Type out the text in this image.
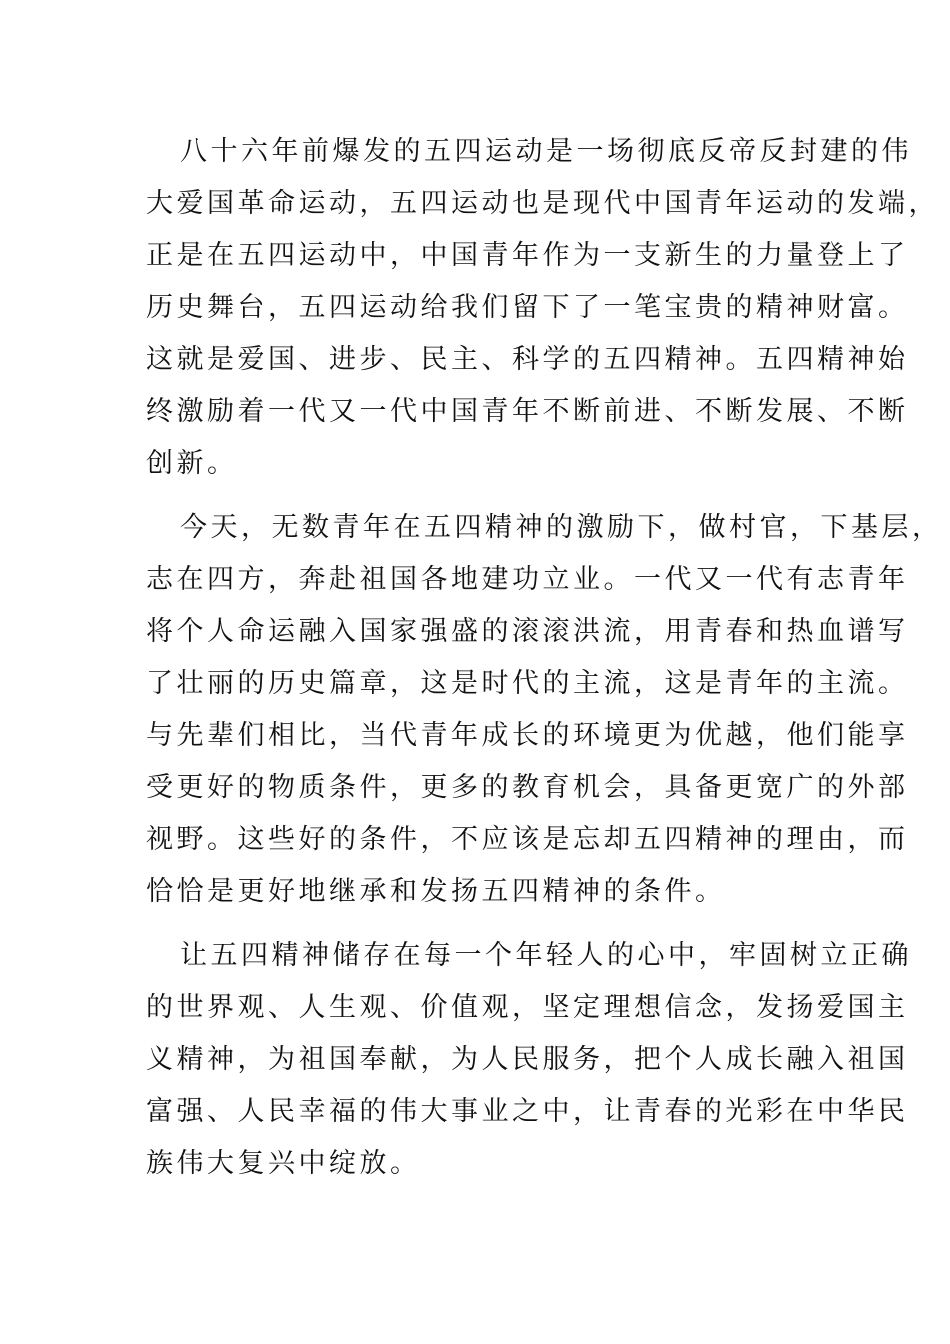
八十六年前爆发的五四运动是一场彻底反帝反封建的伟
大爱国革命运动，五四运动也是现代中国青年运动的发端，
正是在五四运动中，中国青年作为一支新生的力量登上了
历史舞台，五四运动给我们留下了一笔宝贵的精神财富。
这就是爱国、进步、民主、科学的五四精神。五四精神始
终激励着一代又一代中国青年不断前进、不断发展、不断
创新。
今天，无数青年在五四精神的激励下，做村官，下基层，
志在四方，奔赴祖国各地建功立业。一代又一代有志青年
将个人命运融入国家强盛的滚滚洪流，用青春和热血谱写
了壮丽的历史篇章，这是时代的主流，这是青年的主流。
与先辈们相比，当代青年成长的环境更为优越，他们能享
受更好的物质条件，更多的教育机会，具备更宽广的外部
视野。这些好的条件，不应该是忘却五四精神的理由，而
恰恰是更好地继承和发扬五四精神的条件。
让五四精神储存在每一个年轻人的心中，牢固树立正确
的世界观、人生观、价值观，坚定理想信念，发扬爱国主
义精神，为祖国奉献，为人民服务，把个人成长融入祖国
富强、人民幸福的伟大事业之中，让青春的光彩在中华民
族伟大复兴中绽放。
